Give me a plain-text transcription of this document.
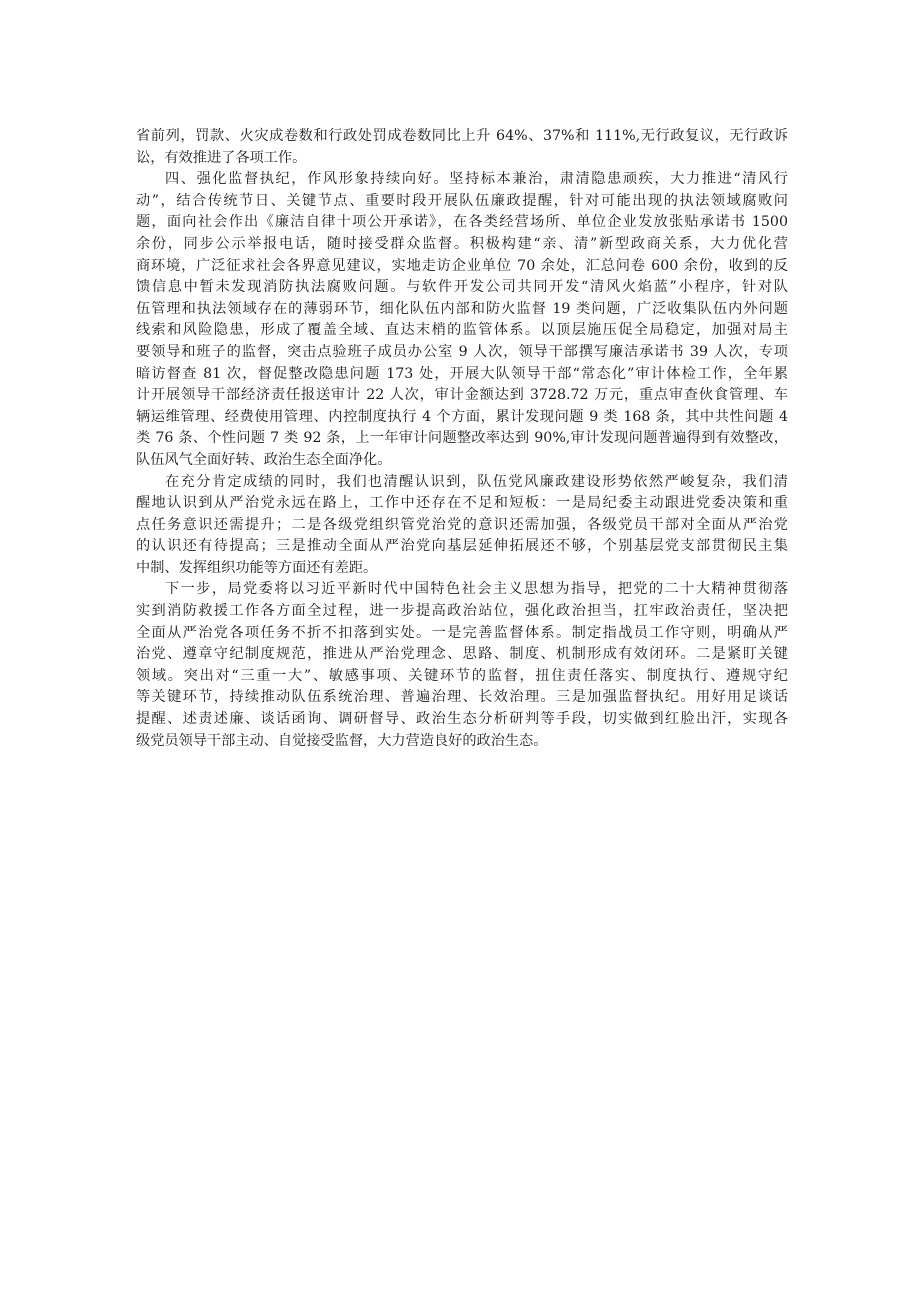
省前列，罚款、火灾成卷数和行政处罚成卷数同比上升 64%、37%和 111%,无行政复议，无行政诉
讼，有效推进了各项工作。

四、强化监督执纪，作风形象持续向好。坚持标本兼治，肃清隐患顽疾，大力推进“清风行
动”，结合传统节日、关键节点、重要时段开展队伍廉政提醒，针对可能出现的执法领域腐败问
题，面向社会作出《廉洁自律十项公开承诺》，在各类经营场所、单位企业发放张贴承诺书 1500
余份，同步公示举报电话，随时接受群众监督。积极构建“亲、清”新型政商关系，大力优化营
商环境，广泛征求社会各界意见建议，实地走访企业单位 70 余处，汇总问卷 600 余份，收到的反
馈信息中暂未发现消防执法腐败问题。与软件开发公司共同开发“清风火焰蓝”小程序，针对队
伍管理和执法领域存在的薄弱环节，细化队伍内部和防火监督 19 类问题，广泛收集队伍内外问题
线索和风险隐患，形成了覆盖全域、直达末梢的监管体系。以顶层施压促全局稳定，加强对局主
要领导和班子的监督，突击点验班子成员办公室 9 人次，领导干部撰写廉洁承诺书 39 人次，专项
暗访督查 81 次，督促整改隐患问题 173 处，开展大队领导干部“常态化”审计体检工作，全年累
计开展领导干部经济责任报送审计 22 人次，审计金额达到 3728.72 万元，重点审查伙食管理、车
辆运维管理、经费使用管理、内控制度执行 4 个方面，累计发现问题 9 类 168 条，其中共性问题 4
类 76 条、个性问题 7 类 92 条，上一年审计问题整改率达到 90%,审计发现问题普遍得到有效整改，
队伍风气全面好转、政治生态全面净化。

在充分肯定成绩的同时，我们也清醒认识到，队伍党风廉政建设形势依然严峻复杂，我们清
醒地认识到从严治党永远在路上，工作中还存在不足和短板：一是局纪委主动跟进党委决策和重
点任务意识还需提升；二是各级党组织管党治党的意识还需加强，各级党员干部对全面从严治党
的认识还有待提高；三是推动全面从严治党向基层延伸拓展还不够，个别基层党支部贯彻民主集
中制、发挥组织功能等方面还有差距。

下一步，局党委将以习近平新时代中国特色社会主义思想为指导，把党的二十大精神贯彻落
实到消防救援工作各方面全过程，进一步提高政治站位，强化政治担当，扛牢政治责任，坚决把
全面从严治党各项任务不折不扣落到实处。一是完善监督体系。制定指战员工作守则，明确从严
治党、遵章守纪制度规范，推进从严治党理念、思路、制度、机制形成有效闭环。二是紧盯关键
领域。突出对“三重一大”、敏感事项、关键环节的监督，扭住责任落实、制度执行、遵规守纪
等关键环节，持续推动队伍系统治理、普遍治理、长效治理。三是加强监督执纪。用好用足谈话
提醒、述责述廉、谈话函询、调研督导、政治生态分析研判等手段，切实做到红脸出汗，实现各
级党员领导干部主动、自觉接受监督，大力营造良好的政治生态。
